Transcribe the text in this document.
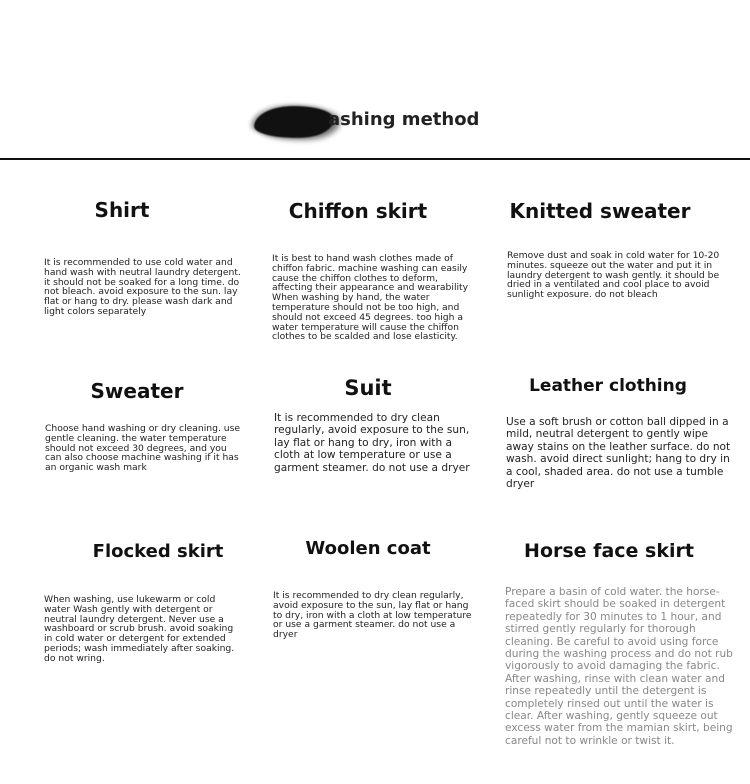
ashing method
Shirt

It is recommended to use cold water and hand wash with neutral laundry detergent. it should not be soaked for a long time. do not bleach. avoid exposure to the sun. lay flat or hang to dry. please wash dark and light colors separately

Chiffon skirt

It is best to hand wash clothes made of chiffon fabric. machine washing can easily cause the chiffon clothes to deform, affecting their appearance and wearability When washing by hand, the water temperature should not be too high, and should not exceed 45 degrees. too high a water temperature will cause the chiffon clothes to be scalded and lose elasticity.

Knitted sweater

Remove dust and soak in cold water for 10-20 minutes. squeeze out the water and put it in laundry detergent to wash gently. it should be dried in a ventilated and cool place to avoid sunlight exposure. do not bleach

Sweater

Choose hand washing or dry cleaning. use gentle cleaning. the water temperature should not exceed 30 degrees, and you can also choose machine washing if it has an organic wash mark

Suit

It is recommended to dry clean regularly, avoid exposure to the sun, lay flat or hang to dry, iron with a cloth at low temperature or use a garment steamer. do not use a dryer

Leather clothing

Use a soft brush or cotton ball dipped in a mild, neutral detergent to gently wipe away stains on the leather surface. do not wash. avoid direct sunlight; hang to dry in a cool, shaded area. do not use a tumble dryer

Flocked skirt

When washing, use lukewarm or cold water Wash gently with detergent or neutral laundry detergent. Never use a washboard or scrub brush. avoid soaking in cold water or detergent for extended periods; wash immediately after soaking. do not wring.

Woolen coat

It is recommended to dry clean regularly, avoid exposure to the sun, lay flat or hang to dry, iron with a cloth at low temperature or use a garment steamer. do not use a dryer

Horse face skirt

Prepare a basin of cold water. the horse-faced skirt should be soaked in detergent repeatedly for 30 minutes to 1 hour, and stirred gently regularly for thorough cleaning. Be careful to avoid using force during the washing process and do not rub vigorously to avoid damaging the fabric. After washing, rinse with clean water and rinse repeatedly until the detergent is completely rinsed out until the water is clear. After washing, gently squeeze out excess water from the mamian skirt, being careful not to wrinkle or twist it.
